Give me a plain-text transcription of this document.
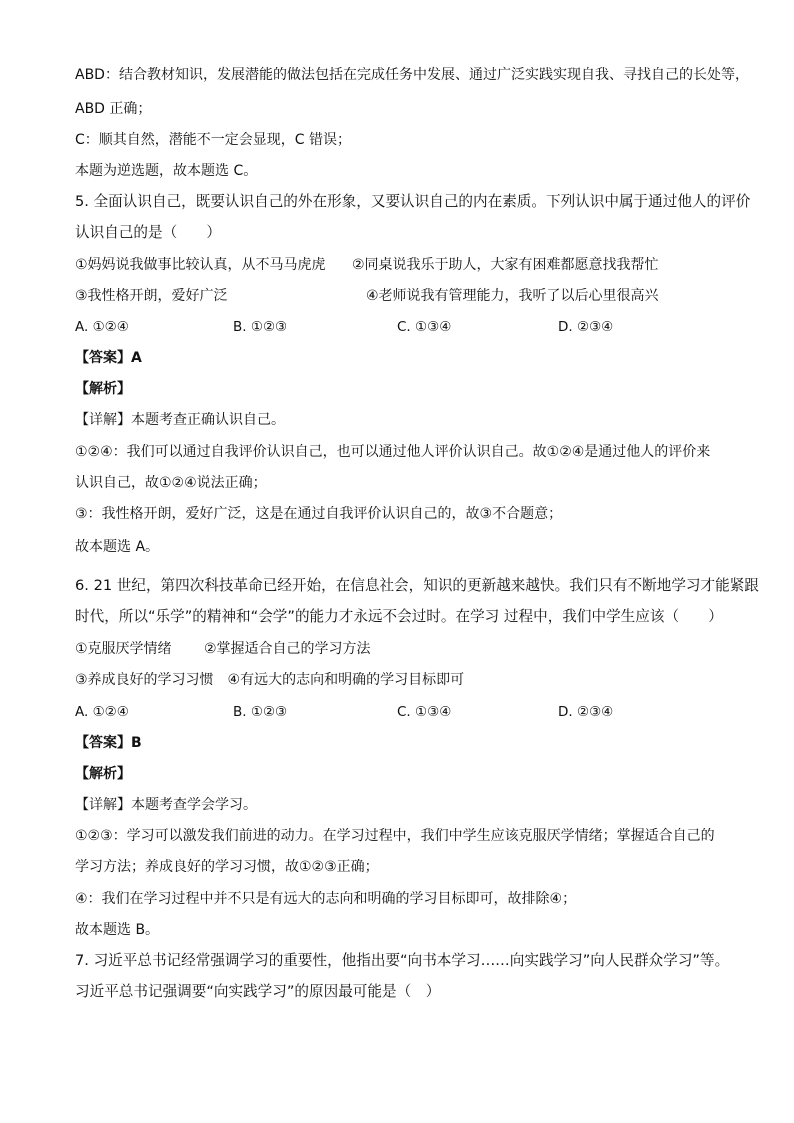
ABD：结合教材知识，发展潜能的做法包括在完成任务中发展、通过广泛实践实现自我、寻找自己的长处等，
ABD 正确；
C：顺其自然，潜能不一定会显现，C 错误；
本题为逆选题，故本题选 C。
5. 全面认识自己，既要认识自己的外在形象，又要认识自己的内在素质。下列认识中属于通过他人的评价
认识自己的是（　　）
①妈妈说我做事比较认真，从不马马虎虎 ②同桌说我乐于助人，大家有困难都愿意找我帮忙
③我性格开朗，爱好广泛	④老师说我有管理能力，我听了以后心里很高兴
A. ①②④	B. ①②③	C. ①③④	D. ②③④
【答案】A
【解析】
【详解】本题考查正确认识自己。
①②④：我们可以通过自我评价认识自己，也可以通过他人评价认识自己。故①②④是通过他人的评价来
认识自己，故①②④说法正确；
③：我性格开朗，爱好广泛，这是在通过自我评价认识自己的，故③不合题意；
故本题选 A。
6. 21 世纪，第四次科技革命已经开始，在信息社会，知识的更新越来越快。我们只有不断地学习才能紧跟
时代，所以“乐学”的精神和“会学”的能力才永远不会过时。在学习 过程中，我们中学生应该（　　）
①克服厌学情绪 ②掌握适合自己的学习方法
③养成良好的学习习惯　④有远大的志向和明确的学习目标即可
A. ①②④	B. ①②③	C. ①③④	D. ②③④
【答案】B
【解析】
【详解】本题考查学会学习。
①②③：学习可以激发我们前进的动力。在学习过程中，我们中学生应该克服厌学情绪；掌握适合自己的
学习方法；养成良好的学习习惯，故①②③正确；
④：我们在学习过程中并不只是有远大的志向和明确的学习目标即可，故排除④；
故本题选 B。
7. 习近平总书记经常强调学习的重要性，他指出要“向书本学习……向实践学习”向人民群众学习”等。
习近平总书记强调要“向实践学习”的原因最可能是（　）
